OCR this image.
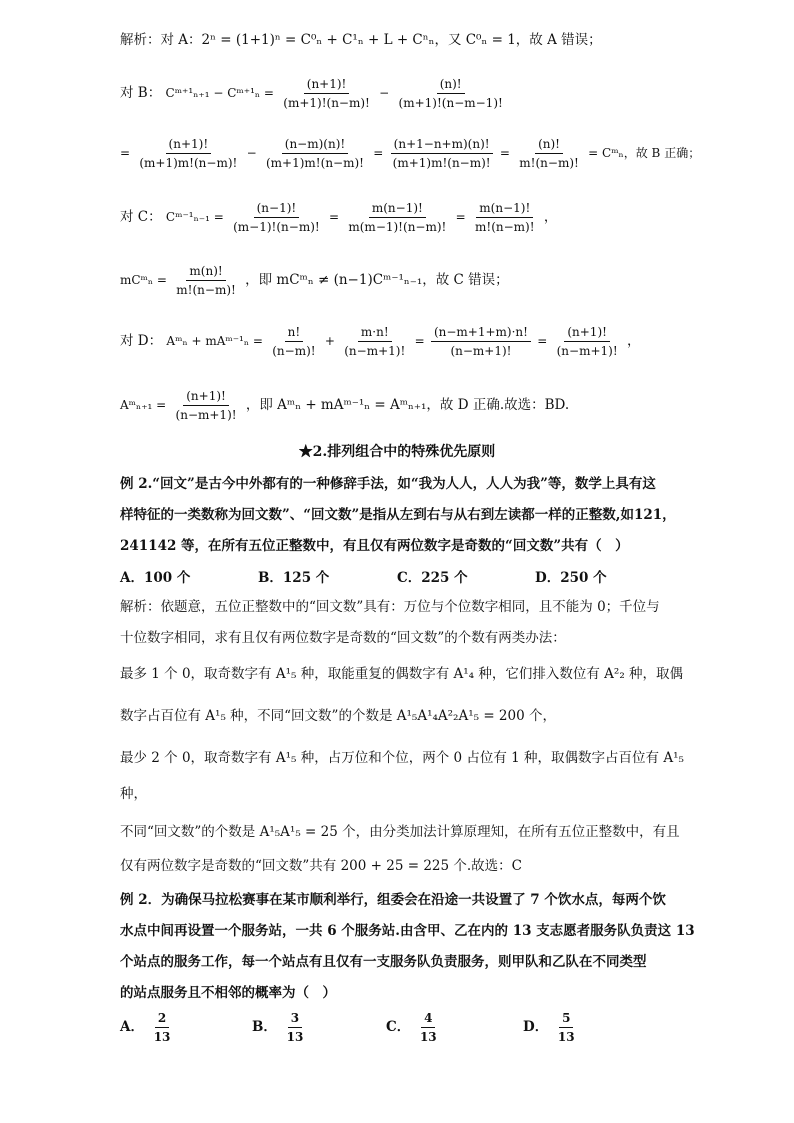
解析：对 A：2ⁿ = (1+1)ⁿ = C⁰ₙ + C¹ₙ + L + Cⁿₙ，又 C⁰ₙ = 1，故 A 错误；
对 B： Cᵐ⁺¹ₙ₊₁ − Cᵐ⁺¹ₙ = $\frac{(n+1)!}{(m+1)!(n-m)!} - \frac{(n)!}{(m+1)!(n-m-1)!}$
= $\frac{(n+1)!}{(m+1)m!(n-m)!} - \frac{(n-m)(n)!}{(m+1)m!(n-m)!} = \frac{(n+1-n+m)(n)!}{(m+1)m!(n-m)!} = \frac{(n)!}{m!(n-m)!}$ = Cᵐₙ，故 B 正确；
对 C： Cᵐ⁻¹ₙ₋₁ = $\frac{(n-1)!}{(m-1)!(n-m)!} = \frac{m(n-1)!}{m(m-1)!(n-m)!} = \frac{m(n-1)!}{m!(n-m)!}$ ，
mCᵐₙ = $\frac{m(n)!}{m!(n-m)!}$ ，即 mCᵐₙ ≠ (n−1)Cᵐ⁻¹ₙ₋₁，故 C 错误；
对 D： Aᵐₙ + mAᵐ⁻¹ₙ = $\frac{n!}{(n-m)!} + \frac{m\cdot n!}{(n-m+1)!} = \frac{(n-m+1+m)\cdot n!}{(n-m+1)!} = \frac{(n+1)!}{(n-m+1)!}$ ，
Aᵐₙ₊₁ = $\frac{(n+1)!}{(n-m+1)!}$ ，即 Aᵐₙ + mAᵐ⁻¹ₙ = Aᵐₙ₊₁，故 D 正确.故选：BD.
★2.排列组合中的特殊优先原则
例 2.“回文”是古今中外都有的一种修辞手法，如“我为人人，人人为我”等，数学上具有这
样特征的一类数称为回文数”、“回文数”是指从左到右与从右到左读都一样的正整数,如121，
241142 等，在所有五位正整数中，有且仅有两位数字是奇数的“回文数”共有（　）
A．100 个	B．125 个	C．225 个	D．250 个
解析：依题意，五位正整数中的“回文数”具有：万位与个位数字相同，且不能为 0；千位与
十位数字相同，求有且仅有两位数字是奇数的“回文数”的个数有两类办法：
最多 1 个 0，取奇数字有 A¹₅ 种，取能重复的偶数字有 A¹₄ 种，它们排入数位有 A²₂ 种，取偶
数字占百位有 A¹₅ 种，不同“回文数”的个数是 A¹₅A¹₄A²₂A¹₅ = 200 个，
最少 2 个 0，取奇数字有 A¹₅ 种，占万位和个位，两个 0 占位有 1 种，取偶数字占百位有 A¹₅
种，
不同“回文数”的个数是 A¹₅A¹₅ = 25 个，由分类加法计算原理知，在所有五位正整数中，有且
仅有两位数字是奇数的“回文数”共有 200 + 25 = 225 个.故选：C
例 2．为确保马拉松赛事在某市顺利举行，组委会在沿途一共设置了 7 个饮水点，每两个饮
水点中间再设置一个服务站，一共 6 个服务站.由含甲、乙在内的 13 支志愿者服务队负责这 13
个站点的服务工作，每一个站点有且仅有一支服务队负责服务，则甲队和乙队在不同类型
的站点服务且不相邻的概率为（　）
A． $\frac{2}{13}$	B． $\frac{3}{13}$	C． $\frac{4}{13}$	D． $\frac{5}{13}$
